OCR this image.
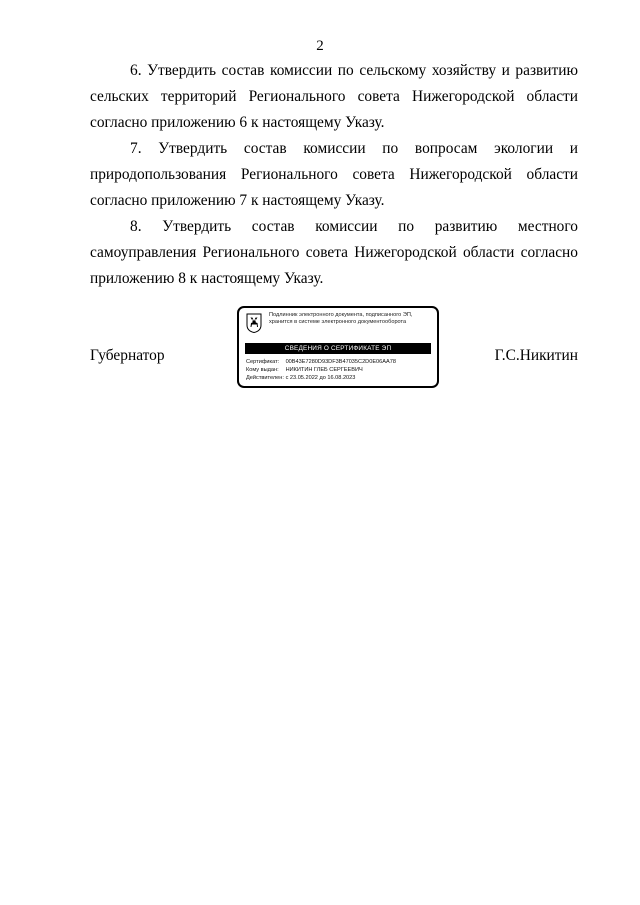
2

6. Утвердить состав комиссии по сельскому хозяйству и развитию сельских территорий Регионального совета Нижегородской области согласно приложению 6 к настоящему Указу.

7. Утвердить состав комиссии по вопросам экологии и природопользования Регионального совета Нижегородской области согласно приложению 7 к настоящему Указу.

8. Утвердить состав комиссии по развитию местного самоуправления Регионального совета Нижегородской области согласно приложению 8 к настоящему Указу.

Губернатор
Подлинник электронного документа, подписанного ЭП,
хранится в системе электронного документооборота
СВЕДЕНИЯ О СЕРТИФИКАТЕ ЭП
Сертификат: 00B43E7280D93DF3B47035C2D0E06AA78
Кому выдан: НИКИТИН ГЛЕБ СЕРГЕЕВИЧ
Действителен: с 23.05.2022 до 16.08.2023
Г.С.Никитин
